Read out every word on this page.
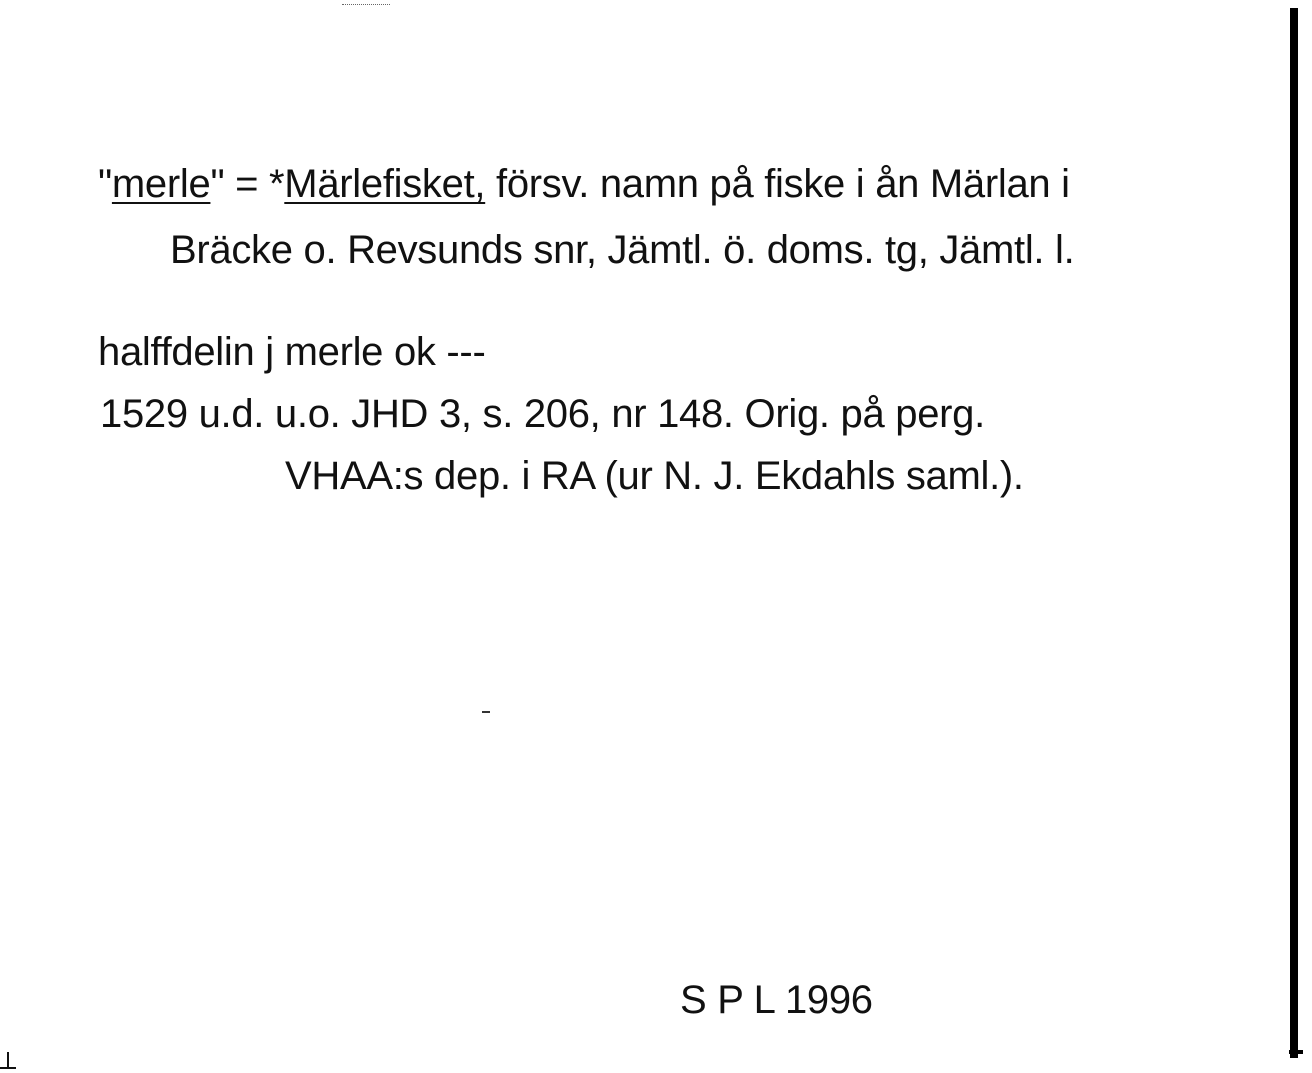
"merle" = *Märlefisket, försv. namn på fiske i ån Märlan i
Bräcke o. Revsunds snr, Jämtl. ö. doms. tg, Jämtl. l.
halffdelin j merle ok ---
1529 u.d. u.o. JHD 3, s. 206, nr 148. Orig. på perg.
VHAA:s dep. i RA (ur N. J. Ekdahls saml.).
S P L 1996
